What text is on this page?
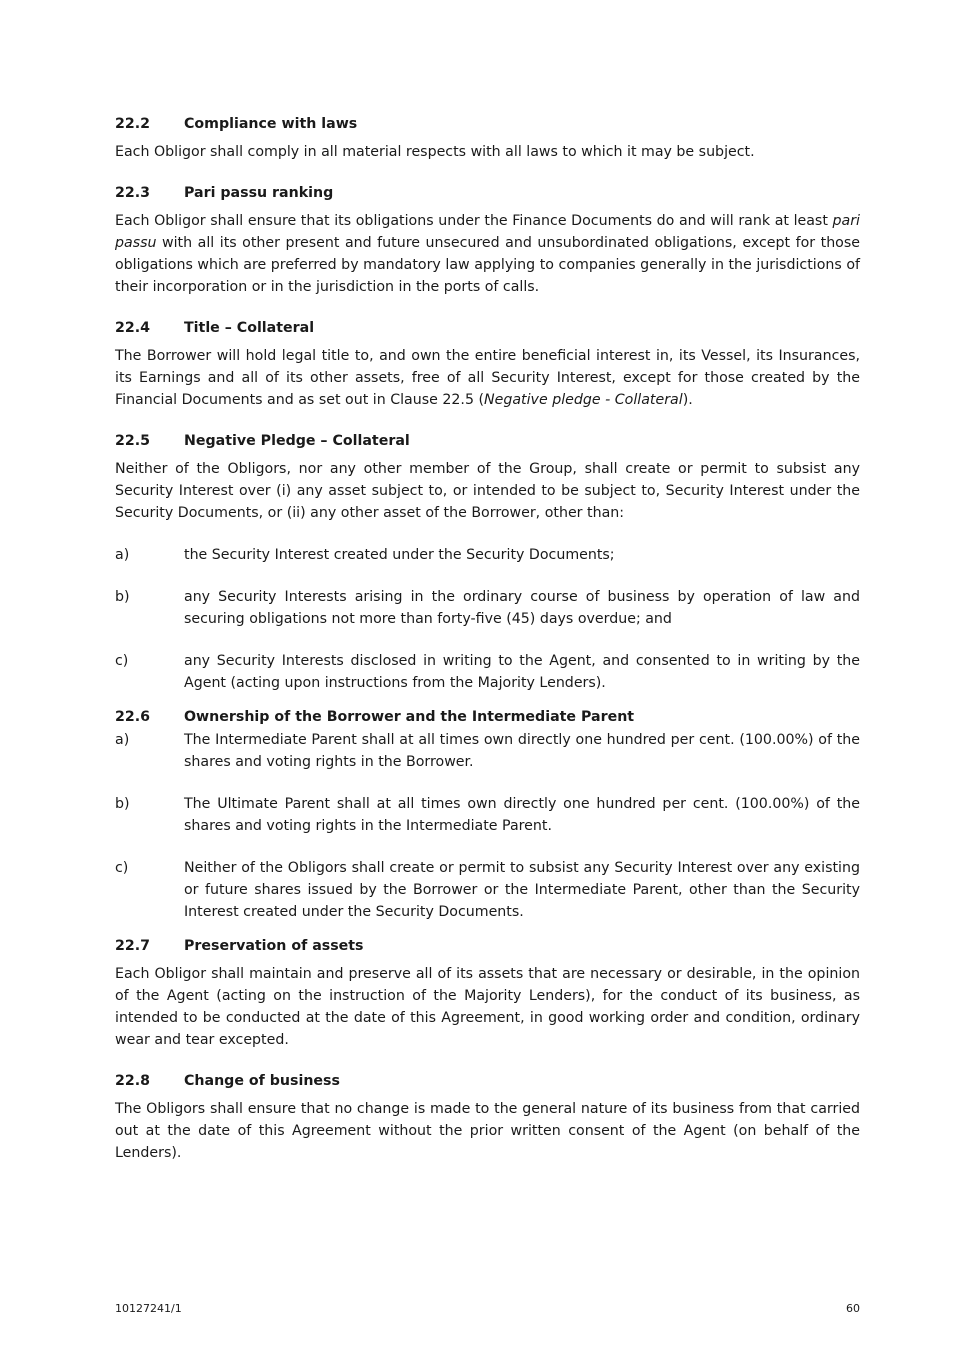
22.2	Compliance with laws

Each Obligor shall comply in all material respects with all laws to which it may be subject.

22.3	Pari passu ranking

Each Obligor shall ensure that its obligations under the Finance Documents do and will rank at least pari passu with all its other present and future unsecured and unsubordinated obligations, except for those obligations which are preferred by mandatory law applying to companies generally in the jurisdictions of their incorporation or in the jurisdiction in the ports of calls.

22.4	Title – Collateral

The Borrower will hold legal title to, and own the entire beneficial interest in, its Vessel, its Insurances, its Earnings and all of its other assets, free of all Security Interest, except for those created by the Financial Documents and as set out in Clause 22.5 (Negative pledge - Collateral).

22.5	Negative Pledge – Collateral

Neither of the Obligors, nor any other member of the Group, shall create or permit to subsist any Security Interest over (i) any asset subject to, or intended to be subject to, Security Interest under the Security Documents, or (ii) any other asset of the Borrower, other than:

a)	the Security Interest created under the Security Documents;
b)	any Security Interests arising in the ordinary course of business by operation of law and securing obligations not more than forty-five (45) days overdue; and
c)	any Security Interests disclosed in writing to the Agent, and consented to in writing by the Agent (acting upon instructions from the Majority Lenders).
22.6	Ownership of the Borrower and the Intermediate Parent
a)	The Intermediate Parent shall at all times own directly one hundred per cent. (100.00%) of the shares and voting rights in the Borrower.
b)	The Ultimate Parent shall at all times own directly one hundred per cent. (100.00%) of the shares and voting rights in the Intermediate Parent.
c)	Neither of the Obligors shall create or permit to subsist any Security Interest over any existing or future shares issued by the Borrower or the Intermediate Parent, other than the Security Interest created under the Security Documents.
22.7	Preservation of assets

Each Obligor shall maintain and preserve all of its assets that are necessary or desirable, in the opinion of the Agent (acting on the instruction of the Majority Lenders), for the conduct of its business, as intended to be conducted at the date of this Agreement, in good working order and condition, ordinary wear and tear excepted.

22.8	Change of business

The Obligors shall ensure that no change is made to the general nature of its business from that carried out at the date of this Agreement without the prior written consent of the Agent (on behalf of the Lenders).

10127241/1	60
